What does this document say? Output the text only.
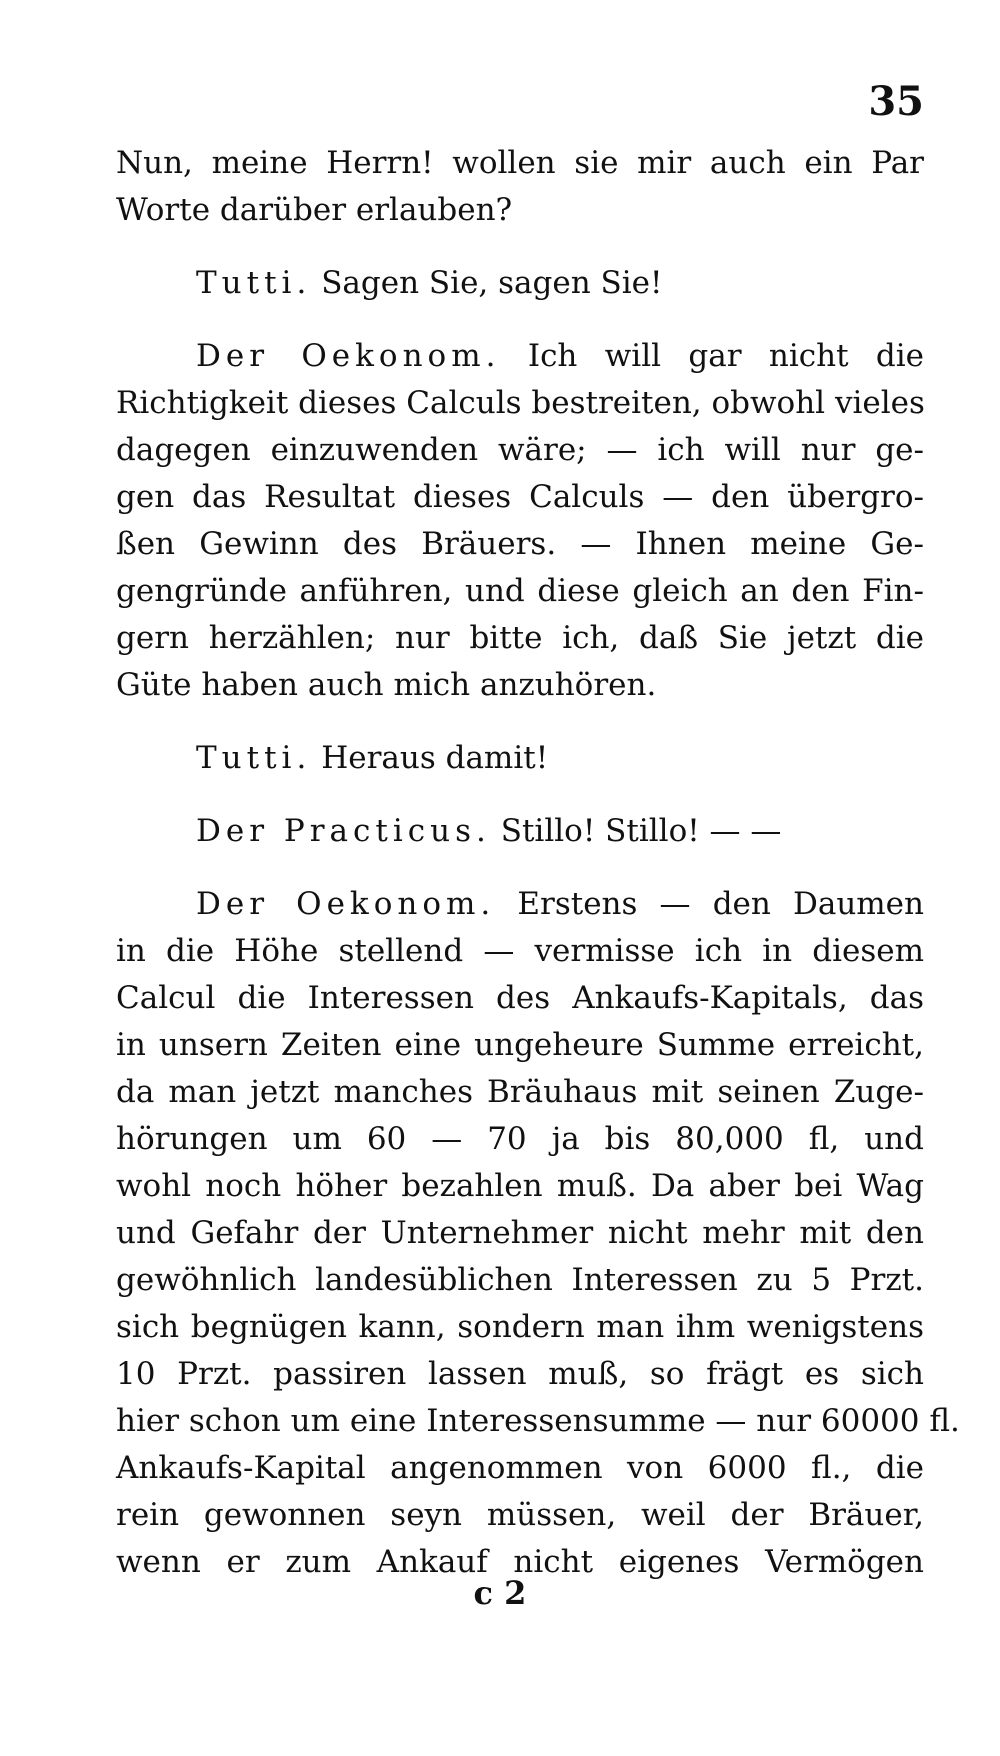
35
Nun, meine Herrn! wollen sie mir auch ein Par
Worte darüber erlauben?
Tutti. Sagen Sie, sagen Sie!
Der Oekonom. Ich will gar nicht die
Richtigkeit dieses Calculs bestreiten, obwohl vieles
dagegen einzuwenden wäre; — ich will nur ge-
gen das Resultat dieses Calculs — den übergro-
ßen Gewinn des Bräuers. — Ihnen meine Ge-
gengründe anführen, und diese gleich an den Fin-
gern herzählen; nur bitte ich, daß Sie jetzt die
Güte haben auch mich anzuhören.
Tutti. Heraus damit!
Der Practicus. Stillo! Stillo! — —
Der Oekonom. Erstens — den Daumen
in die Höhe stellend — vermisse ich in diesem
Calcul die Interessen des Ankaufs-Kapitals, das
in unsern Zeiten eine ungeheure Summe erreicht,
da man jetzt manches Bräuhaus mit seinen Zuge-
hörungen um 60 — 70 ja bis 80,000 fl, und
wohl noch höher bezahlen muß. Da aber bei Wag
und Gefahr der Unternehmer nicht mehr mit den
gewöhnlich landesüblichen Interessen zu 5 Przt.
sich begnügen kann, sondern man ihm wenigstens
10 Przt. passiren lassen muß, so frägt es sich
hier schon um eine Interessensumme — nur 60000 fl.
Ankaufs-Kapital angenommen von 6000 fl., die
rein gewonnen seyn müssen, weil der Bräuer,
wenn er zum Ankauf nicht eigenes Vermögen
c 2
